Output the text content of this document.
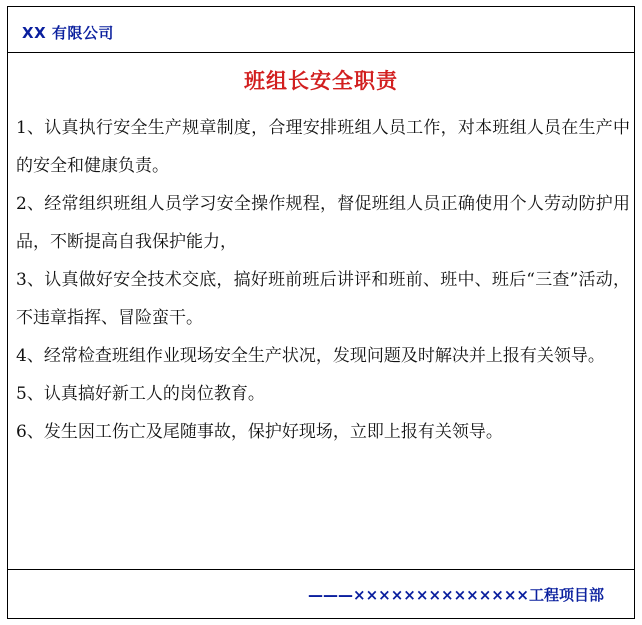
XX 有限公司
班组长安全职责

1、认真执行安全生产规章制度，合理安排班组人员工作，对本班组人员在生产中的安全和健康负责。

2、经常组织班组人员学习安全操作规程，督促班组人员正确使用个人劳动防护用品，不断提高自我保护能力，

3、认真做好安全技术交底，搞好班前班后讲评和班前、班中、班后“三查”活动，不违章指挥、冒险蛮干。

4、经常检查班组作业现场安全生产状况，发现问题及时解决并上报有关领导。

5、认真搞好新工人的岗位教育。

6、发生因工伤亡及尾随事故，保护好现场，立即上报有关领导。

———××××××××××××××工程项目部
